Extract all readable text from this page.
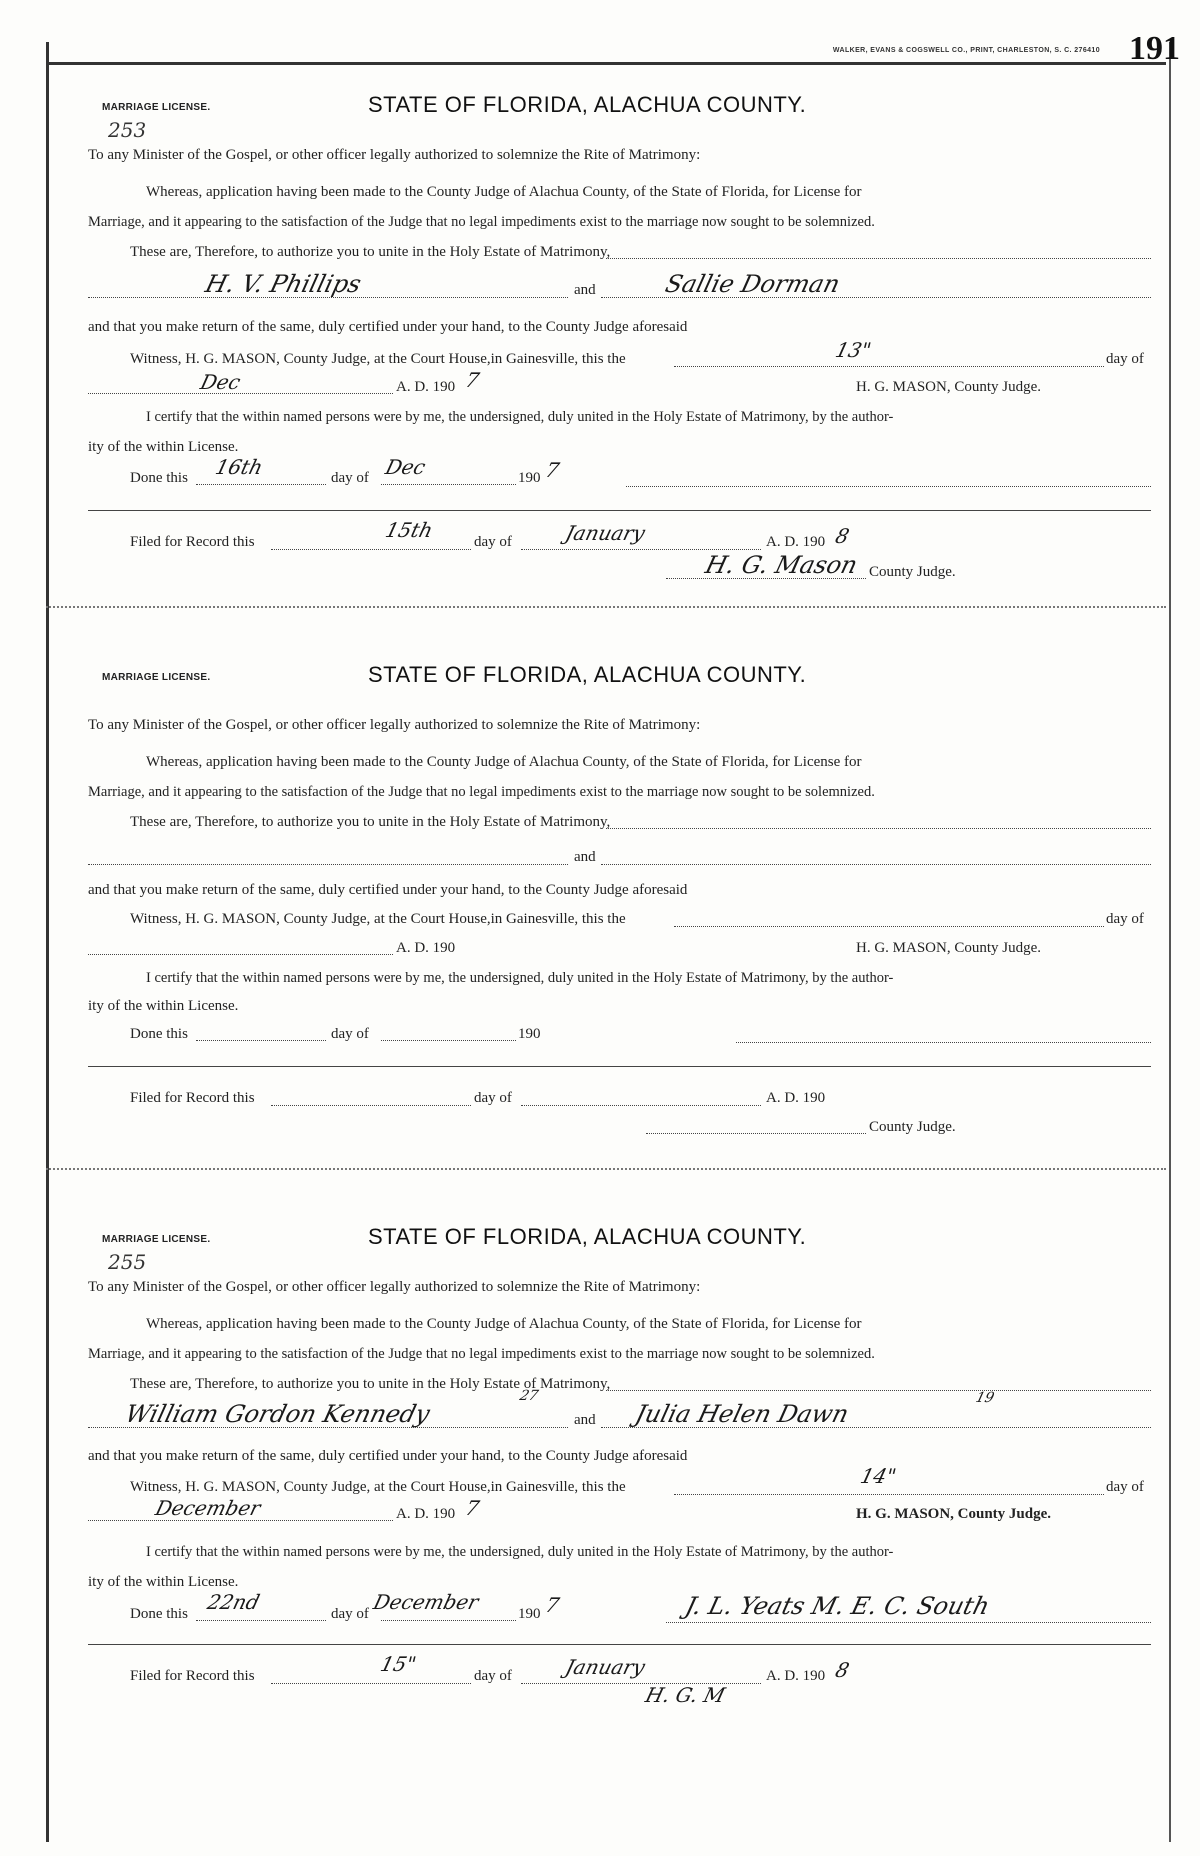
WALKER, EVANS & COGSWELL CO., PRINT, CHARLESTON, S. C. 276410 191
MARRIAGE LICENSE.	STATE OF FLORIDA, ALACHUA COUNTY.
253
To any Minister of the Gospel, or other officer legally authorized to solemnize the Rite of Matrimony:
Whereas, application having been made to the County Judge of Alachua County, of the State of Florida, for License for
Marriage, and it appearing to the satisfaction of the Judge that no legal impediments exist to the marriage now sought to be solemnized.
These are, Therefore, to authorize you to unite in the Holy Estate of Matrimony,
H. V. Phillips	and	Sallie Dorman
and that you make return of the same, duly certified under your hand, to the County Judge aforesaid
Witness, H. G. MASON, County Judge, at the Court House,in Gainesville, this the	13"	day of
Dec	A. D. 190 7	H. G. MASON, County Judge.
I certify that the within named persons were by me, the undersigned, duly united in the Holy Estate of Matrimony, by the author-
ity of the within License.
Done this 16th	day of Dec	190 7
Filed for Record this	15th	day of	January	A. D. 190 8
H. G. Mason County Judge.
MARRIAGE LICENSE.	STATE OF FLORIDA, ALACHUA COUNTY.
To any Minister of the Gospel, or other officer legally authorized to solemnize the Rite of Matrimony:
Whereas, application having been made to the County Judge of Alachua County, of the State of Florida, for License for
Marriage, and it appearing to the satisfaction of the Judge that no legal impediments exist to the marriage now sought to be solemnized.
These are, Therefore, to authorize you to unite in the Holy Estate of Matrimony,
and
and that you make return of the same, duly certified under your hand, to the County Judge aforesaid
Witness, H. G. MASON, County Judge, at the Court House,in Gainesville, this the	day of
A. D. 190	H. G. MASON, County Judge.
I certify that the within named persons were by me, the undersigned, duly united in the Holy Estate of Matrimony, by the author-
ity of the within License.
Done this	day of	190
Filed for Record this	day of	A. D. 190
County Judge.
MARRIAGE LICENSE.	STATE OF FLORIDA, ALACHUA COUNTY.
255
To any Minister of the Gospel, or other officer legally authorized to solemnize the Rite of Matrimony:
Whereas, application having been made to the County Judge of Alachua County, of the State of Florida, for License for
Marriage, and it appearing to the satisfaction of the Judge that no legal impediments exist to the marriage now sought to be solemnized.
These are, Therefore, to authorize you to unite in the Holy Estate of Matrimony,
William Gordon Kennedy
27
and Julia Helen Dawn
19
and that you make return of the same, duly certified under your hand, to the County Judge aforesaid
Witness, H. G. MASON, County Judge, at the Court House,in Gainesville, this the	14"	day of
December	A. D. 190 7	H. G. MASON, County Judge.
I certify that the within named persons were by me, the undersigned, duly united in the Holy Estate of Matrimony, by the author-
ity of the within License.
Done this 22nd	day of December 190 7	J. L. Yeats M. E. C. South
Filed for Record this	15"	day of	January	A. D. 190 8
H. G. M
